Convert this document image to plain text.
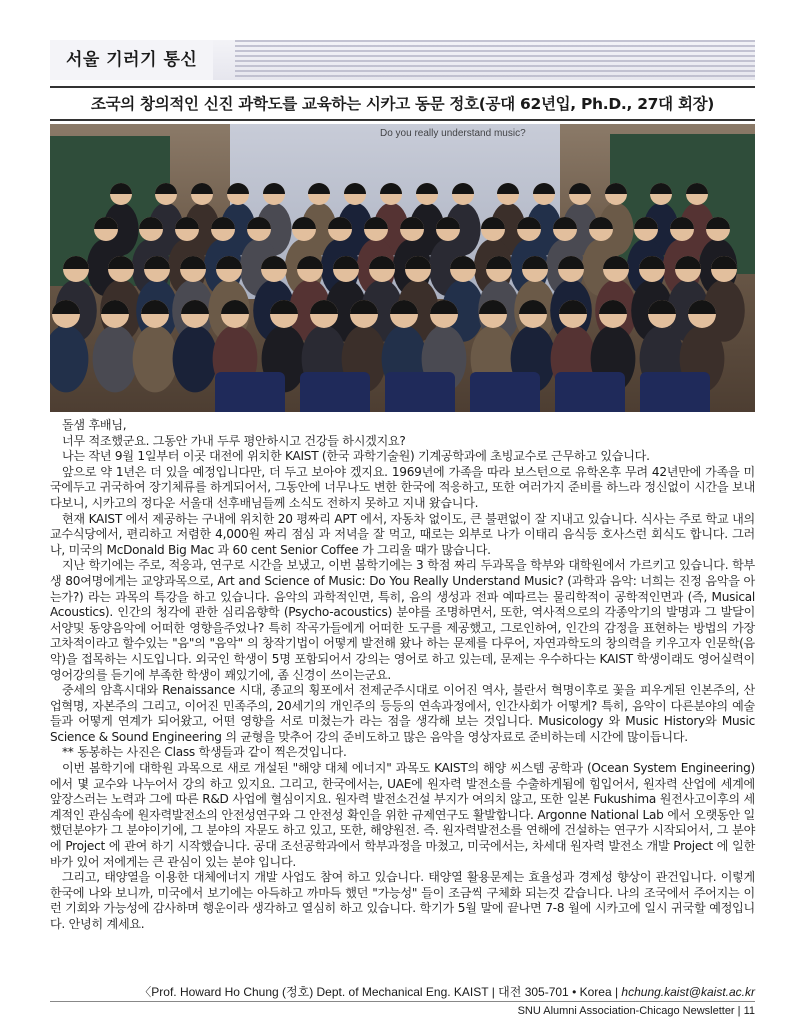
서울 기러기 통신
조국의 창의적인 신진 과학도를 교육하는 시카고 동문 정호(공대 62년입, Ph.D., 27대 회장)
Do you really understand music?

돌샘 후배님,

너무 적조했군요. 그동안 가내 두루 평안하시고 건강들 하시겠지요?

나는 작년 9월 1일부터 이곳 대전에 위치한 KAIST (한국 과학기술원) 기계공학과에 초빙교수로 근무하고 있습니다.

앞으로 약 1년은 더 있을 예정입니다만, 더 두고 보아야 겠지요. 1969년에 가족을 따라 보스턴으로 유학온후 무려 42년만에 가족을 미국에두고 귀국하여 장기체류를 하게되어서, 그동안에 너무나도 변한 한국에 적응하고, 또한 여러가지 준비를 하느라 정신없이 시간을 보내다보니, 시카고의 정다운 서울대 선후배님들께 소식도 전하지 못하고 지내 왔습니다.

현재 KAIST 에서 제공하는 구내에 위치한 20 평짜리 APT 에서, 자동차 없이도, 큰 불편없이 잘 지내고 있습니다. 식사는 주로 학교 내의 교수식당에서, 편리하고 저렴한 4,000원 짜리 점심 과 저녁을 잘 먹고, 때로는 외부로 나가 이태리 음식등 호사스런 회식도 합니다. 그러나, 미국의 McDonald Big Mac 과 60 cent Senior Coffee 가 그리울 때가 많습니다.

지난 학기에는 주로, 적응과, 연구로 시간을 보냈고, 이번 봄학기에는 3 학점 짜리 두과목을 학부와 대학원에서 가르키고 있습니다. 학부생 80여명에게는 교양과목으로, Art and Science of Music: Do You Really Understand Music? (과학과 음악: 너희는 진정 음악을 아는가?) 라는 과목의 특강을 하고 있습니다. 음악의 과학적인면, 특히, 음의 생성과 전파 예따르는 물리학적이 공학적인면과 (즉, Musical Acoustics). 인간의 청각에 관한 심리음향학 (Psycho-acoustics) 분야를 조명하면서, 또한, 역사적으로의 각종악기의 발명과 그 발달이 서양및 동양음악에 어떠한 영향을주었나? 특히 작곡가들에게 어떠한 도구를 제공했고, 그로인하여, 인간의 감정을 표현하는 방법의 가장 고차적이라고 할수있는 "음"의 "음악" 의 창작기법이 어떻게 발전해 왔나 하는 문제를 다루어, 자연과학도의 창의력을 키우고자 인문학(음악)을 접목하는 시도입니다. 외국인 학생이 5명 포함되어서 강의는 영어로 하고 있는데, 문제는 우수하다는 KAIST 학생이래도 영어실력이 영어강의를 듣기에 부족한 학생이 꽤있기에, 좀 신경이 쓰이는군요.

중세의 암흑시대와 Renaissance 시대, 종교의 횡포에서 전제군주시대로 이어진 역사, 불란서 혁명이후로 꽃을 피우게된 인본주의, 산업혁명, 자본주의 그리고, 이어진 민족주의, 20세기의 개인주의 등등의 연속과정에서, 인간사회가 어떻게? 특히, 음악이 다른분야의 예술들과 어떻게 연계가 되어왔고, 어떤 영향을 서로 미쳤는가 라는 점을 생각해 보는 것입니다. Musicology 와 Music History와 Music Science & Sound Engineering 의 균형을 맞추어 강의 준비도하고 많은 음악을 영상자료로 준비하는데 시간에 많이듭니다.

** 동봉하는 사진은 Class 학생들과 같이 찍은것입니다.

이번 봄학기에 대학원 과목으로 새로 개설된 "해양 대체 에너지" 과목도 KAIST의 해양 씨스템 공학과 (Ocean System Engineering)에서 몇 교수와 나누어서 강의 하고 있지요. 그리고, 한국에서는, UAE에 원자력 발전소를 수출하게됨에 힘입어서, 원자력 산업에 세계에 앞장스러는 노력과 그에 따른 R&D 사업에 혈심이지요. 원자력 발전소건설 부지가 여의치 않고, 또한 일본 Fukushima 원전사고이후의 세계적인 관심속에 원자력발전소의 안전성연구와 그 안전성 확인을 위한 규제연구도 활발합니다. Argonne National Lab 에서 오랫동안 일했던분야가 그 분야이기에, 그 분야의 자문도 하고 있고, 또한, 해양원전. 즉. 원자력발전소를 연해에 건설하는 연구가 시작되어서, 그 분야에 Project 에 관여 하기 시작했습니다. 공대 조선공학과에서 학부과정을 마쳤고, 미국에서는, 차세대 원자력 발전소 개발 Project 에 일한바가 있어 저에게는 큰 관심이 있는 분야 입니다.

그리고, 태양열을 이용한 대체에너지 개발 사업도 참여 하고 있습니다. 태양열 활용문제는 효율성과 경제성 향상이 관건입니다. 이렇게 한국에 나와 보니까, 미국에서 보기에는 아득하고 까마득 했던 "가능성" 들이 조금씩 구체화 되는것 같습니다. 나의 조국에서 주어지는 이런 기회와 가능성에 감사하며 행운이라 생각하고 열심히 하고 있습니다. 학기가 5월 말에 끝나면 7-8 월에 시카고에 일시 귀국할 예정입니다. 안녕히 계세요.

〈Prof. Howard Ho Chung (정호) Dept. of Mechanical Eng. KAIST | 대전 305-701 • Korea | hchung.kaist@kaist.ac.kr
SNU Alumni Association-Chicago Newsletter | 11
